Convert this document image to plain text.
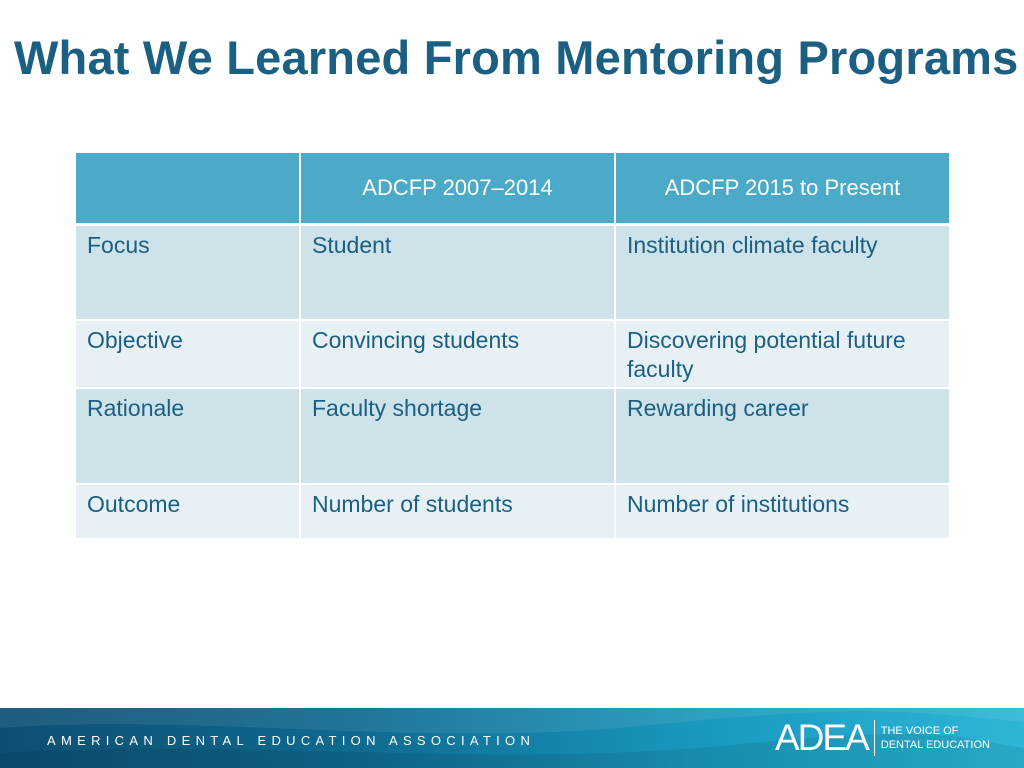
What We Learned From Mentoring Programs
	ADCFP 2007–2014	ADCFP 2015 to Present
Focus	Student	Institution climate faculty
Objective	Convincing students	Discovering potential future faculty
Rationale	Faculty shortage	Rewarding career
Outcome	Number of students	Number of institutions
AMERICAN DENTAL EDUCATION ASSOCIATION	ADEA THE VOICE OF
DENTAL EDUCATION
